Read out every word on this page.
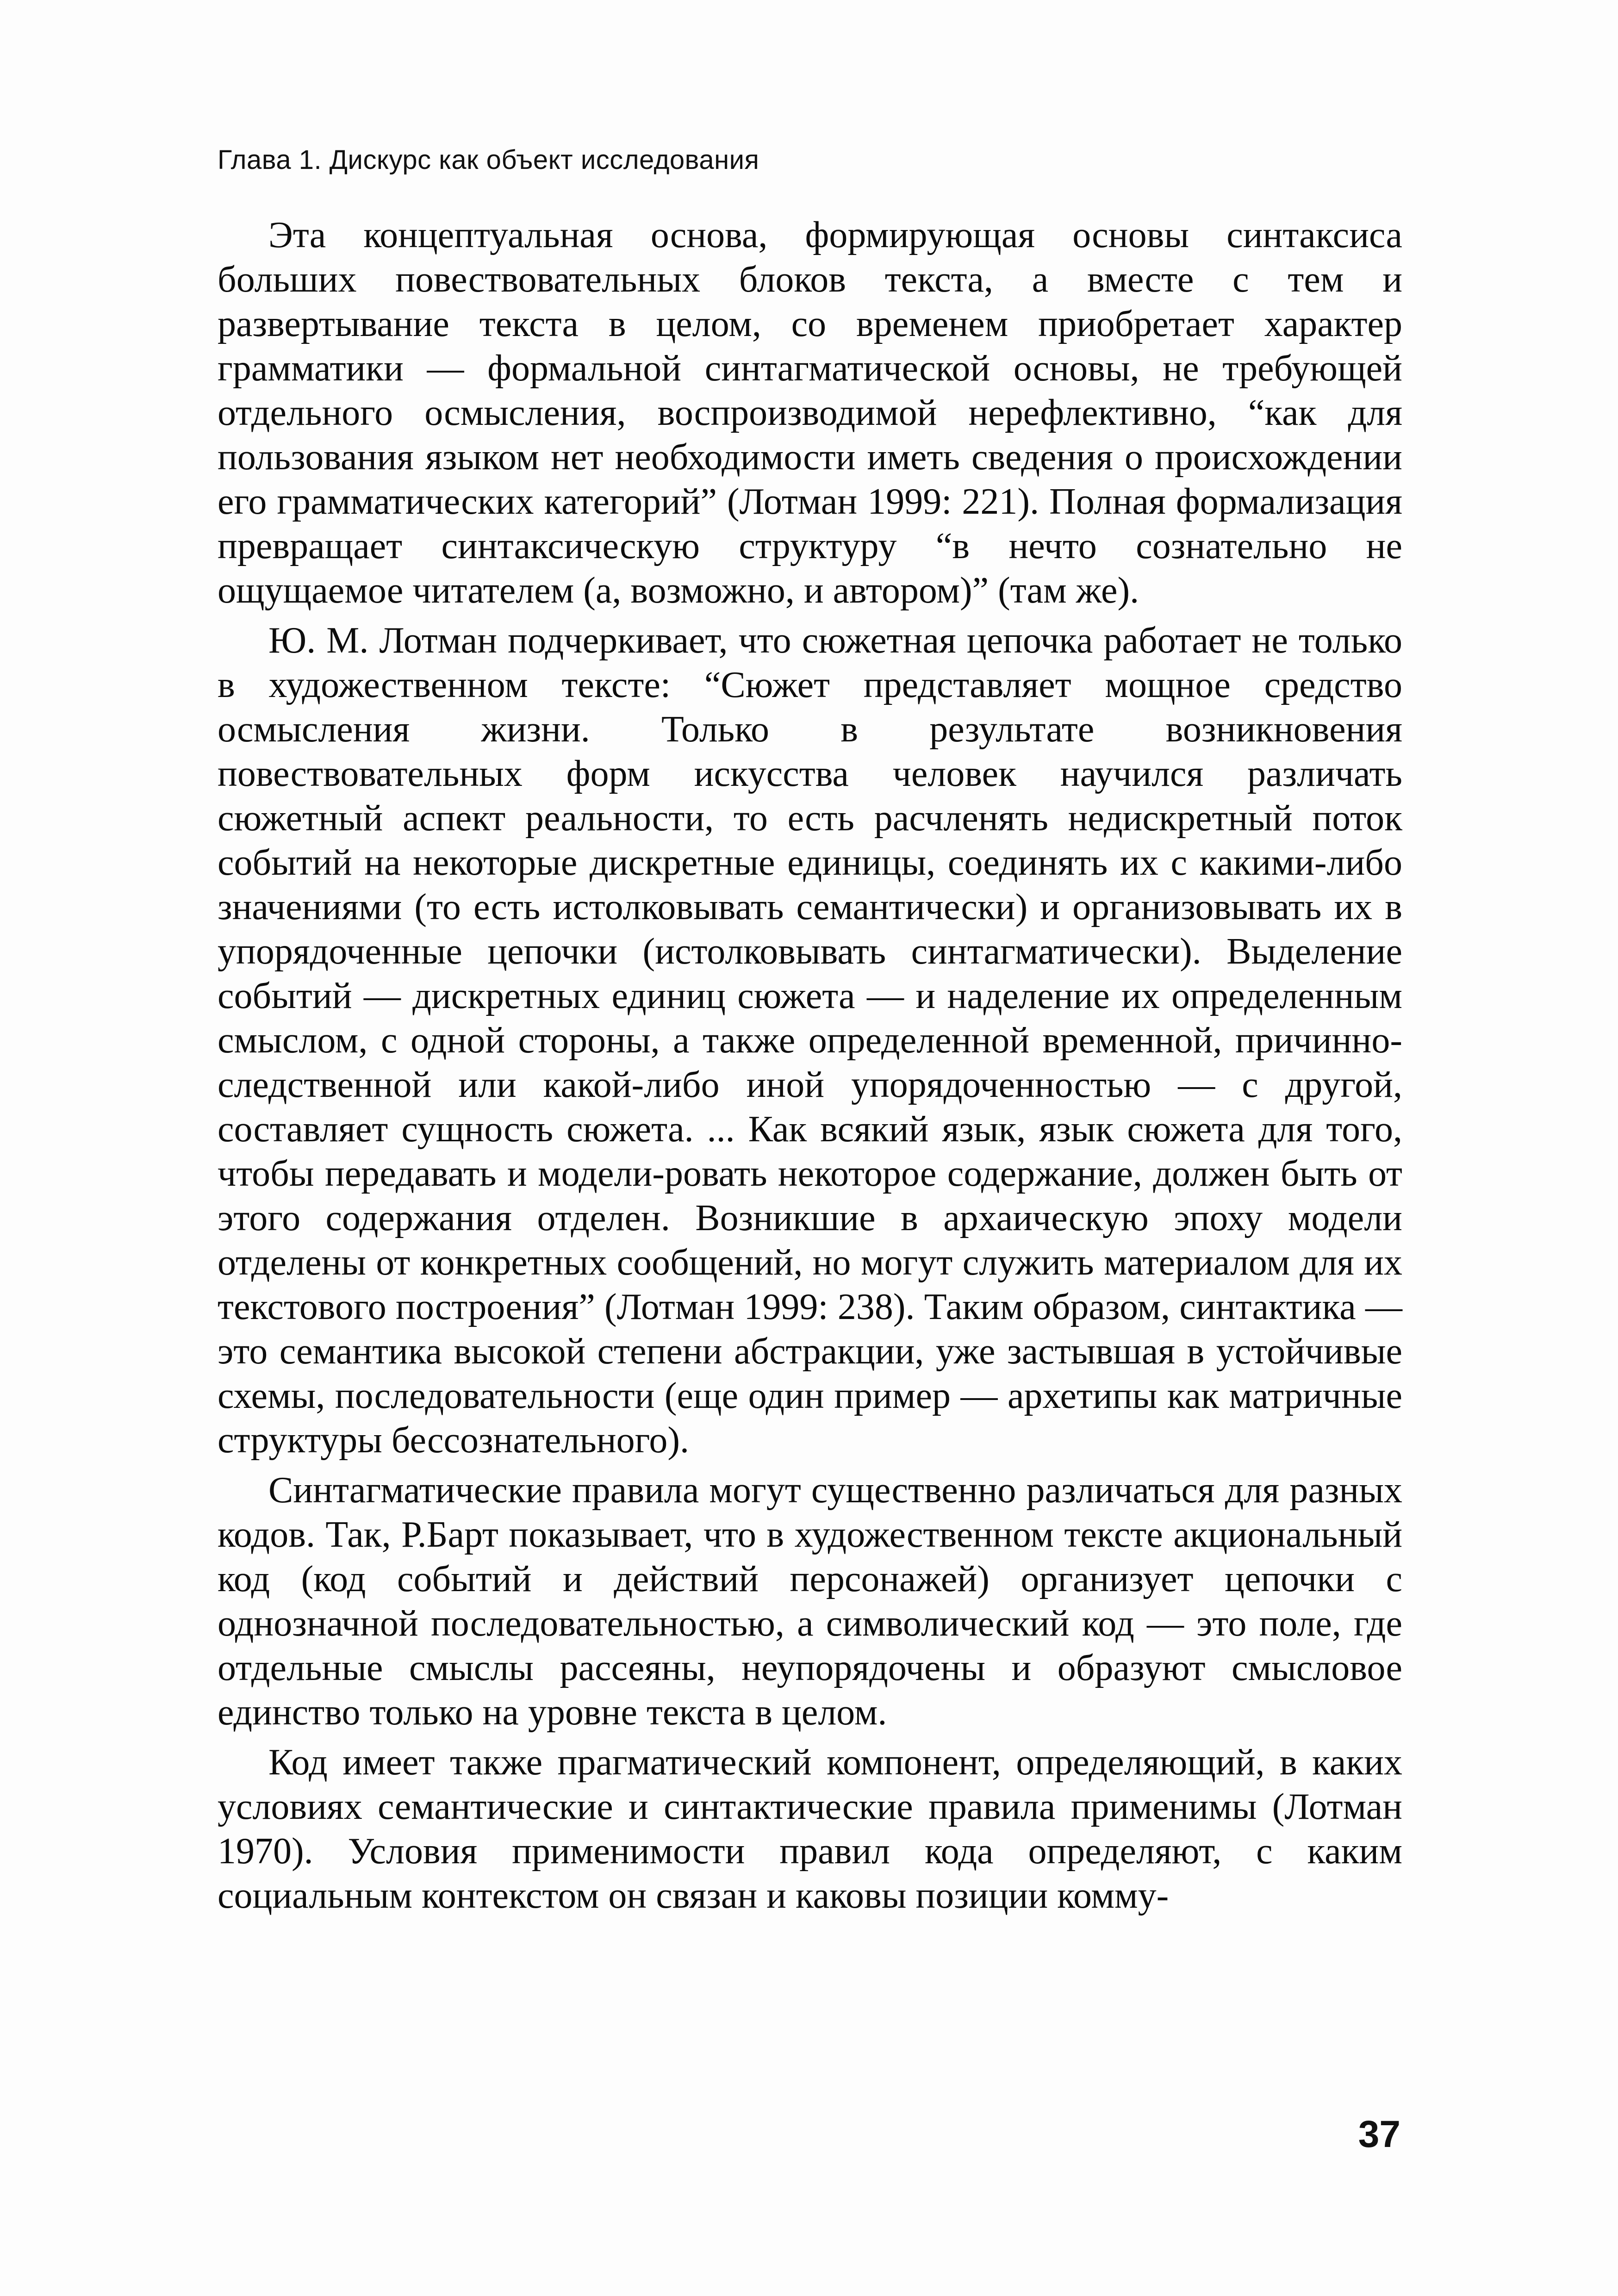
Глава 1. Дискурс как объект исследования

Эта концептуальная основа, формирующая основы синтаксиса больших повествовательных блоков текста, а вместе с тем и развертывание текста в целом, со временем приобретает характер грамматики — формальной синтагматической основы, не требующей отдельного осмысления, воспроизводимой нерефлективно, “как для пользования языком нет необходимости иметь сведения о происхождении его грамматических категорий” (Лотман 1999: 221). Полная формализация превращает синтаксическую структуру “в нечто сознательно не ощущаемое читателем (а, возможно, и автором)” (там же).

Ю. М. Лотман подчеркивает, что сюжетная цепочка работает не только в художественном тексте: “Сюжет представляет мощное средство осмысления жизни. Только в результате возникновения повествовательных форм искусства человек научился различать сюжетный аспект реальности, то есть расчленять недискретный поток событий на некоторые дискретные единицы, соединять их с какими-либо значениями (то есть истолковывать семантически) и организовывать их в упорядоченные цепочки (истолковывать синтагматически). Выделение событий — дискретных единиц сюжета — и наделение их определенным смыслом, с одной стороны, а также определенной временной, причинно-следственной или какой-либо иной упорядоченностью — с другой, составляет сущность сюжета. ... Как всякий язык, язык сюжета для того, чтобы передавать и модели-ровать некоторое содержание, должен быть от этого содержания отделен. Возникшие в архаическую эпоху модели отделены от конкретных сообщений, но могут служить материалом для их текстового построения” (Лотман 1999: 238). Таким образом, синтактика — это семантика высокой степени абстракции, уже застывшая в устойчивые схемы, последовательности (еще один пример — архетипы как матричные структуры бессознательного).

Синтагматические правила могут существенно различаться для разных кодов. Так, Р.Барт показывает, что в художественном тексте акциональный код (код событий и действий персонажей) организует цепочки с однозначной последовательностью, а символический код — это поле, где отдельные смыслы рассеяны, неупорядочены и образуют смысловое единство только на уровне текста в целом.

Код имеет также прагматический компонент, определяющий, в каких условиях семантические и синтактические правила применимы (Лотман 1970). Условия применимости правил кода определяют, с каким социальным контекстом он связан и каковы позиции комму-

37
